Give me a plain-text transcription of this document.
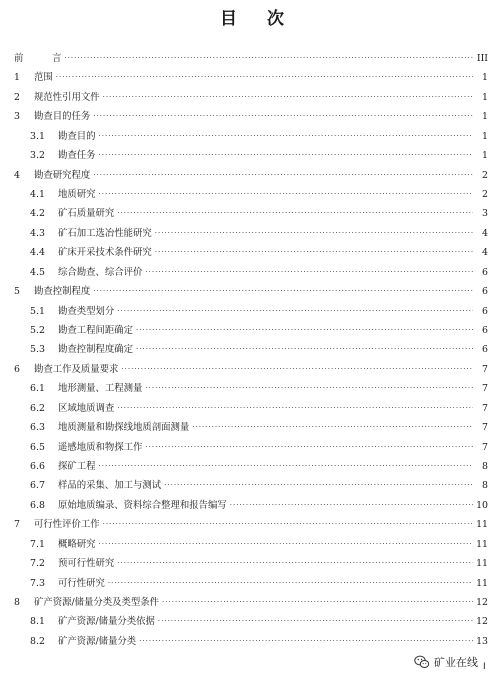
目 次
前	言 ·····	III
1	范围 ·····	1
2	规范性引用文件 ·····	1
3	勘查目的任务 ·····	1
3.1	勘查目的 ·····	1
3.2	勘查任务 ·····	1
4	勘查研究程度 ·····	2
4.1	地质研究 ·····	2
4.2	矿石质量研究 ·····	3
4.3	矿石加工选冶性能研究 ·····	4
4.4	矿床开采技术条件研究 ·····	4
4.5	综合勘查、综合评价 ·····	6
5	勘查控制程度 ·····	6
5.1	勘查类型划分 ·····	6
5.2	勘查工程间距确定 ·····	6
5.3	勘查控制程度确定 ·····	6
6	勘查工作及质量要求 ·····	7
6.1	地形测量、工程测量 ·····	7
6.2	区域地质调查 ·····	7
6.3	地质测量和勘探线地质剖面测量 ·····	7
6.5	遥感地质和物探工作 ·····	7
6.6	探矿工程 ·····	8
6.7	样品的采集、加工与测试 ·····	8
6.8	原始地质编录、资料综合整理和报告编写 ·····	10
7	可行性评价工作 ·····	11
7.1	概略研究 ·····	11
7.2	预可行性研究 ·····	11
7.3	可行性研究 ·····	11
8	矿产资源/储量分类及类型条件 ·····	12
8.1	矿产资源/储量分类依据 ·····	12
8.2	矿产资源/储量分类 ·····	13
矿业在线 I
